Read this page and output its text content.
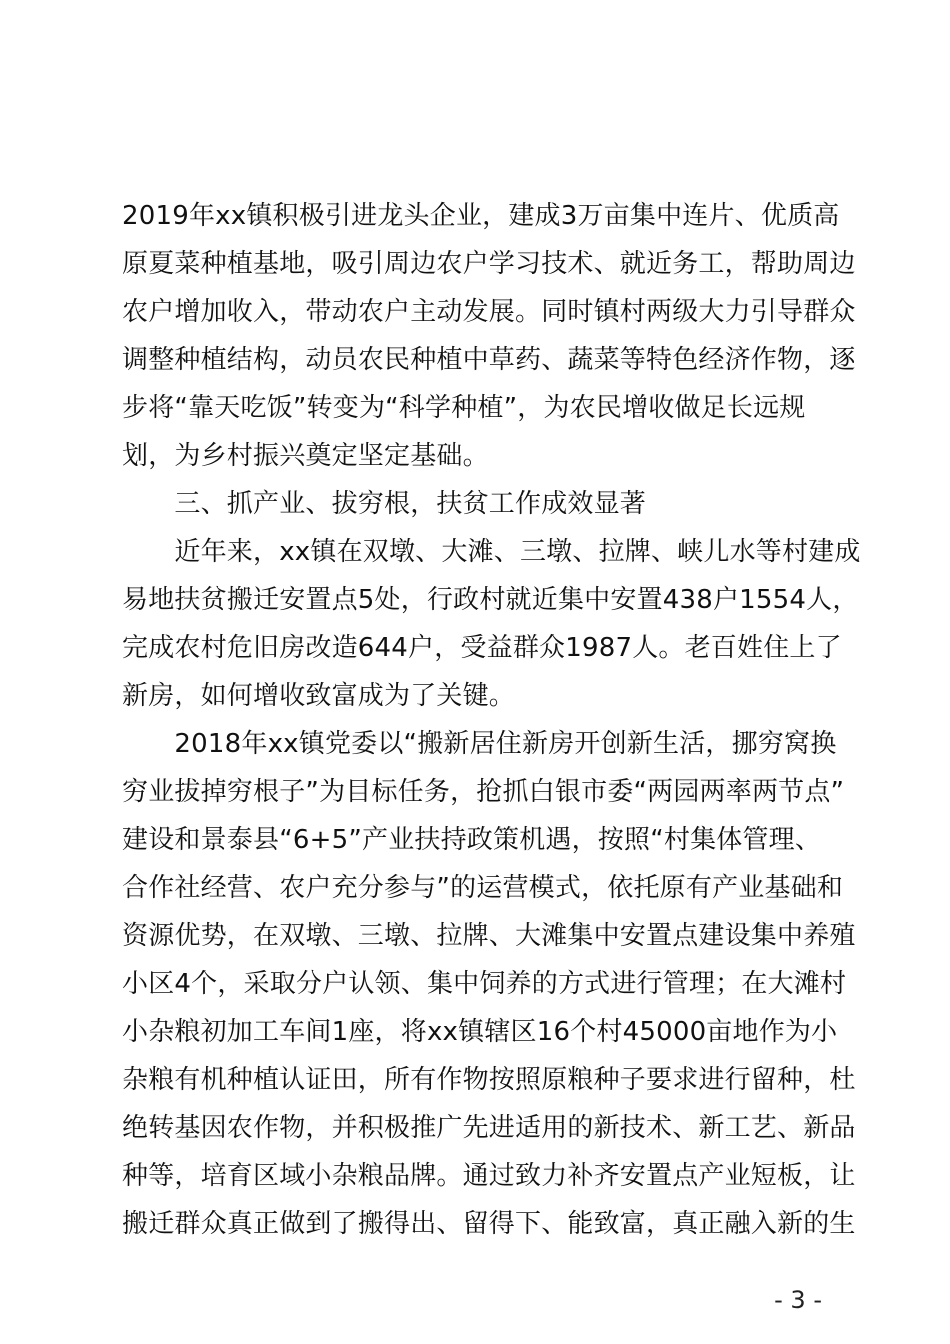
2019年xx镇积极引进龙头企业，建成3万亩集中连片、优质高
原夏菜种植基地，吸引周边农户学习技术、就近务工，帮助周边
农户增加收入，带动农户主动发展。同时镇村两级大力引导群众
调整种植结构，动员农民种植中草药、蔬菜等特色经济作物，逐
步将“靠天吃饭”转变为“科学种植”，为农民增收做足长远规
划，为乡村振兴奠定坚定基础。
　　三、抓产业、拔穷根，扶贫工作成效显著
　　近年来，xx镇在双墩、大滩、三墩、拉牌、峡儿水等村建成
易地扶贫搬迁安置点5处，行政村就近集中安置438户1554人，
完成农村危旧房改造644户，受益群众1987人。老百姓住上了
新房，如何增收致富成为了关键。
　　2018年xx镇党委以“搬新居住新房开创新生活，挪穷窝换
穷业拔掉穷根子”为目标任务，抢抓白银市委“两园两率两节点”
建设和景泰县“6+5”产业扶持政策机遇，按照“村集体管理、
合作社经营、农户充分参与”的运营模式，依托原有产业基础和
资源优势，在双墩、三墩、拉牌、大滩集中安置点建设集中养殖
小区4个，采取分户认领、集中饲养的方式进行管理；在大滩村
小杂粮初加工车间1座，将xx镇辖区16个村45000亩地作为小
杂粮有机种植认证田，所有作物按照原粮种子要求进行留种，杜
绝转基因农作物，并积极推广先进适用的新技术、新工艺、新品
种等，培育区域小杂粮品牌。通过致力补齐安置点产业短板，让
搬迁群众真正做到了搬得出、留得下、能致富，真正融入新的生
- 3 -
